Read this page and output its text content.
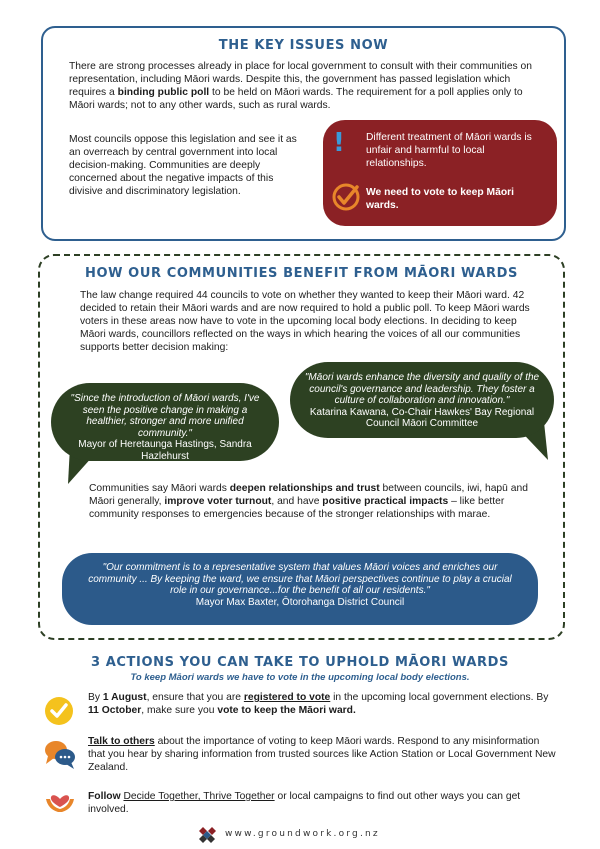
THE KEY ISSUES NOW

There are strong processes already in place for local government to consult with their communities on representation, including Māori wards. Despite this, the government has passed legislation which requires a binding public poll to be held on Māori wards. The requirement for a poll applies only to Māori wards; not to any other wards, such as rural wards.

Most councils oppose this legislation and see it as an overreach by central government into local decision-making. Communities are deeply concerned about the negative impacts of this divisive and discriminatory legislation.

! Different treatment of Māori wards is unfair and harmful to local relationships.

We need to vote to keep Māori wards.

HOW OUR COMMUNITIES BENEFIT FROM MĀORI WARDS

The law change required 44 councils to vote on whether they wanted to keep their Māori ward. 42 decided to retain their Māori wards and are now required to hold a public poll. To keep Māori wards voters in these areas now have to vote in the upcoming local body elections. In deciding to keep Māori wards, councillors reflected on the ways in which hearing the voices of all our communities supports better decision making:

"Since the introduction of Māori wards, I've seen the positive change in making a healthier, stronger and more unified community."
Mayor of Heretaunga Hastings, Sandra Hazlehurst
"Māori wards enhance the diversity and quality of the council's governance and leadership. They foster a culture of collaboration and innovation."
Katarina Kawana, Co-Chair Hawkes' Bay Regional Council Māori Committee

Communities say Māori wards deepen relationships and trust between councils, iwi, hapū and Māori generally, improve voter turnout, and have positive practical impacts – like better community responses to emergencies because of the stronger relationships with marae.

"Our commitment is to a representative system that values Māori voices and enriches our community ... By keeping the ward, we ensure that Māori perspectives continue to play a crucial role in our governance...for the benefit of all our residents."
Mayor Max Baxter, Ōtorohanga District Council
3 ACTIONS YOU CAN TAKE TO UPHOLD MĀORI WARDS
To keep Māori wards we have to vote in the upcoming local body elections.

By 1 August, ensure that you are registered to vote in the upcoming local government elections. By 11 October, make sure you vote to keep the Māori ward.

Talk to others about the importance of voting to keep Māori wards. Respond to any misinformation that you hear by sharing information from trusted sources like Action Station or Local Government New Zealand.

Follow Decide Together, Thrive Together or local campaigns to find out other ways you can get involved.

www.groundwork.org.nz
